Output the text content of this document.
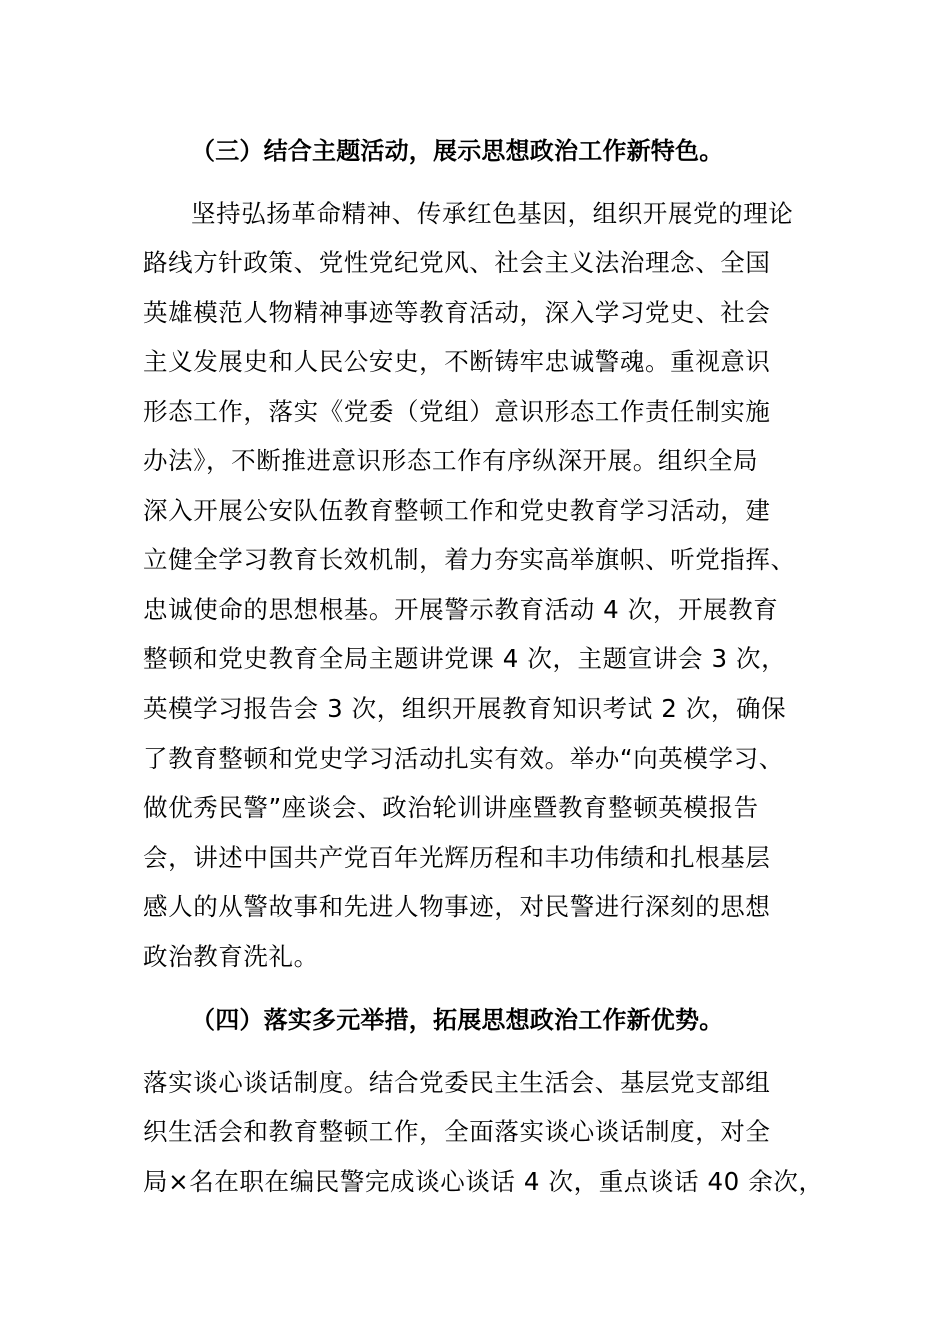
（三）结合主题活动，展示思想政治工作新特色。
坚持弘扬革命精神、传承红色基因，组织开展党的理论
路线方针政策、党性党纪党风、社会主义法治理念、全国
英雄模范人物精神事迹等教育活动，深入学习党史、社会
主义发展史和人民公安史，不断铸牢忠诚警魂。重视意识
形态工作，落实《党委（党组）意识形态工作责任制实施
办法》，不断推进意识形态工作有序纵深开展。组织全局
深入开展公安队伍教育整顿工作和党史教育学习活动，建
立健全学习教育长效机制，着力夯实高举旗帜、听党指挥、
忠诚使命的思想根基。开展警示教育活动 4 次，开展教育
整顿和党史教育全局主题讲党课 4 次，主题宣讲会 3 次，
英模学习报告会 3 次，组织开展教育知识考试 2 次，确保
了教育整顿和党史学习活动扎实有效。举办“向英模学习、
做优秀民警”座谈会、政治轮训讲座暨教育整顿英模报告
会，讲述中国共产党百年光辉历程和丰功伟绩和扎根基层
感人的从警故事和先进人物事迹，对民警进行深刻的思想
政治教育洗礼。
（四）落实多元举措，拓展思想政治工作新优势。
落实谈心谈话制度。结合党委民主生活会、基层党支部组
织生活会和教育整顿工作，全面落实谈心谈话制度，对全
局×名在职在编民警完成谈心谈话 4 次，重点谈话 40 余次，
